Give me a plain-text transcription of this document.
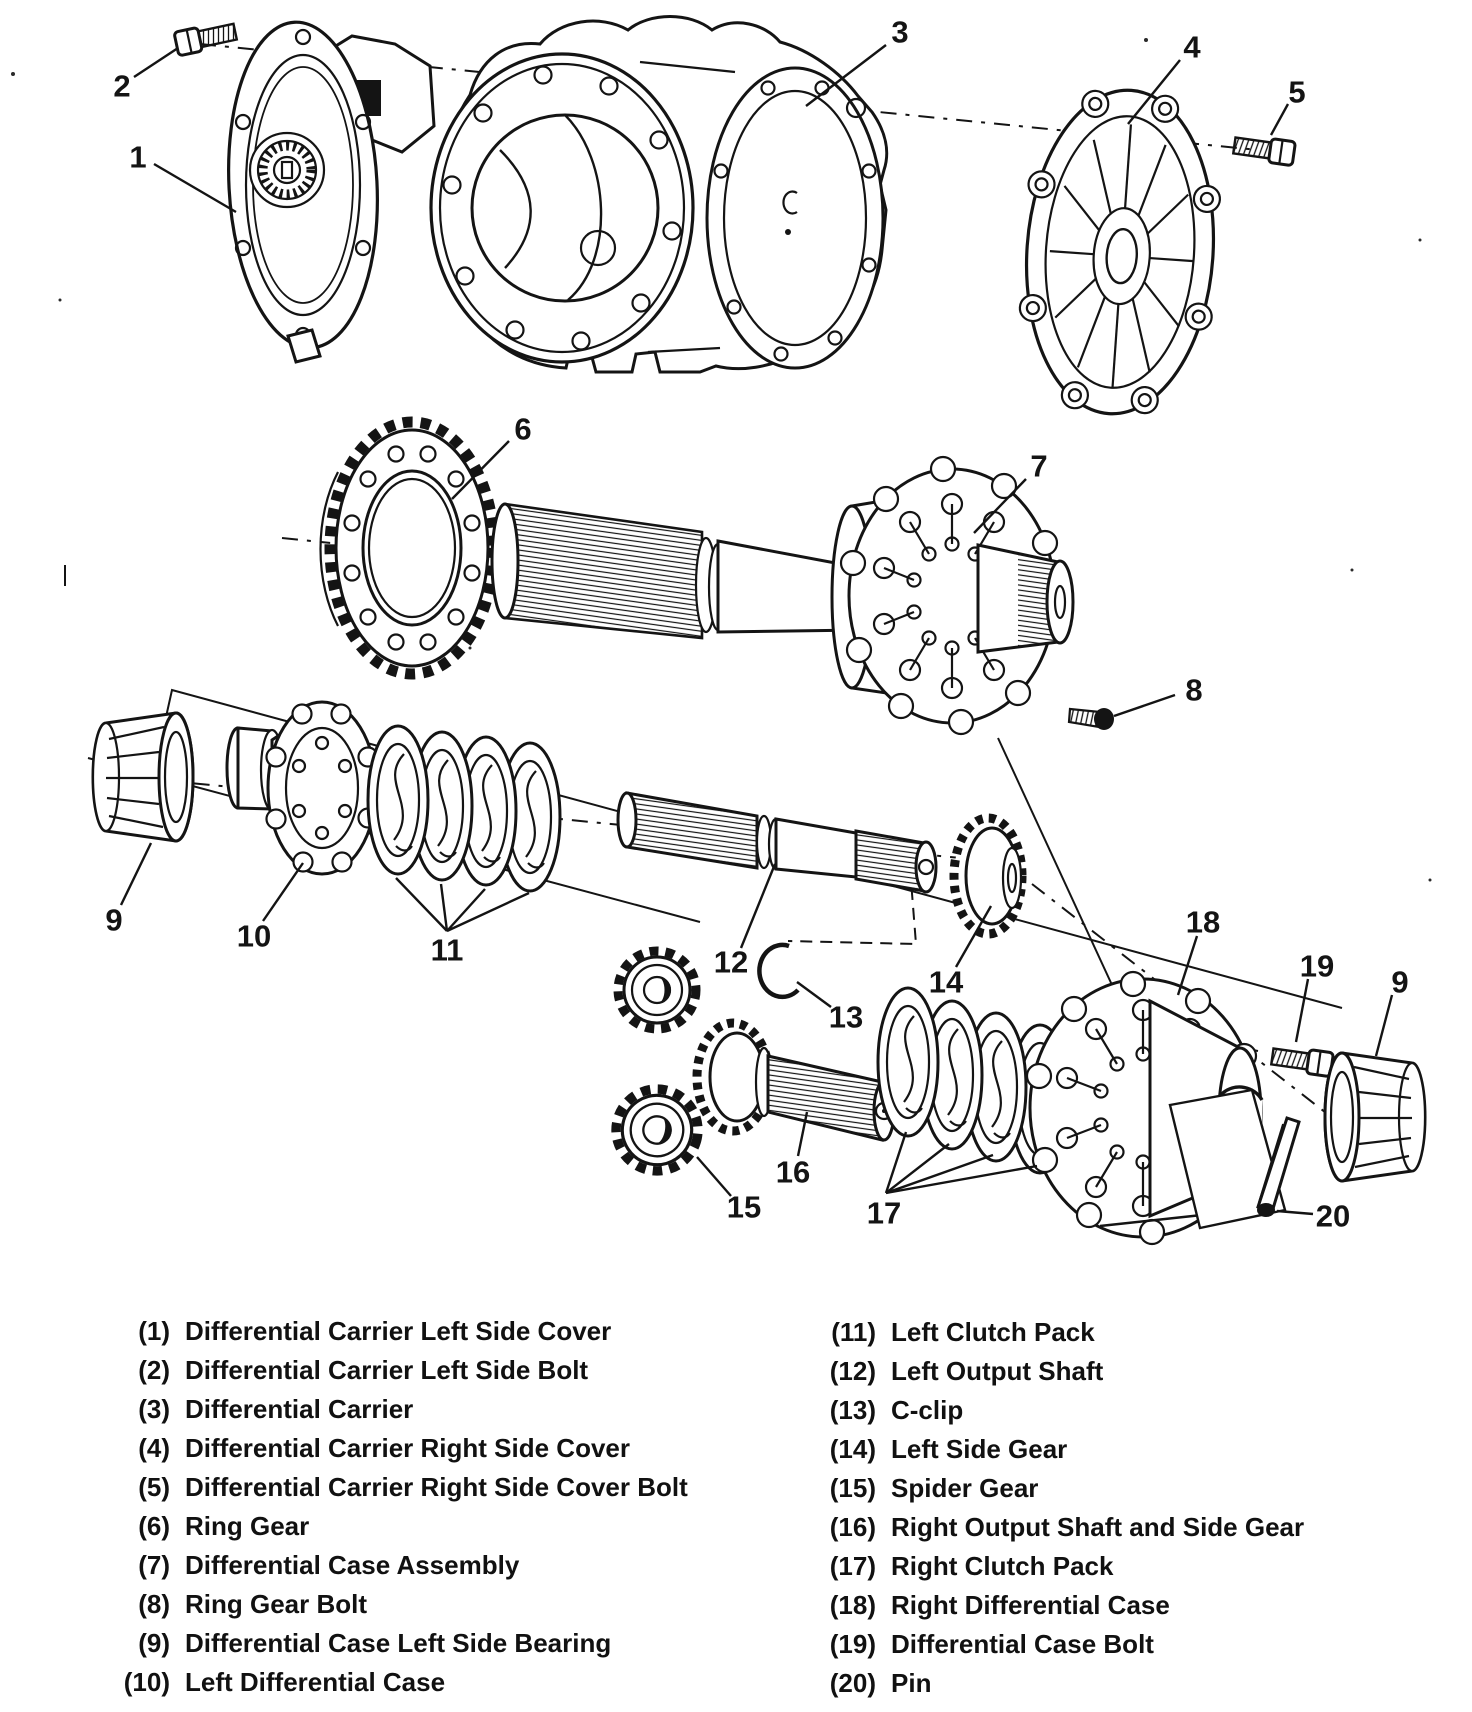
2
1
3	4
5
6
7
8
9	10	11	12
13
14
15
16
17
18
19 9
20
(1) Differential Carrier Left Side Cover
(2) Differential Carrier Left Side Bolt
(3) Differential Carrier
(4) Differential Carrier Right Side Cover
(5) Differential Carrier Right Side Cover Bolt
(6) Ring Gear
(7) Differential Case Assembly
(8) Ring Gear Bolt
(9) Differential Case Left Side Bearing
(10) Left Differential Case
(11) Left Clutch Pack
(12) Left Output Shaft
(13) C-clip
(14) Left Side Gear
(15) Spider Gear
(16) Right Output Shaft and Side Gear
(17) Right Clutch Pack
(18) Right Differential Case
(19) Differential Case Bolt
(20) Pin
